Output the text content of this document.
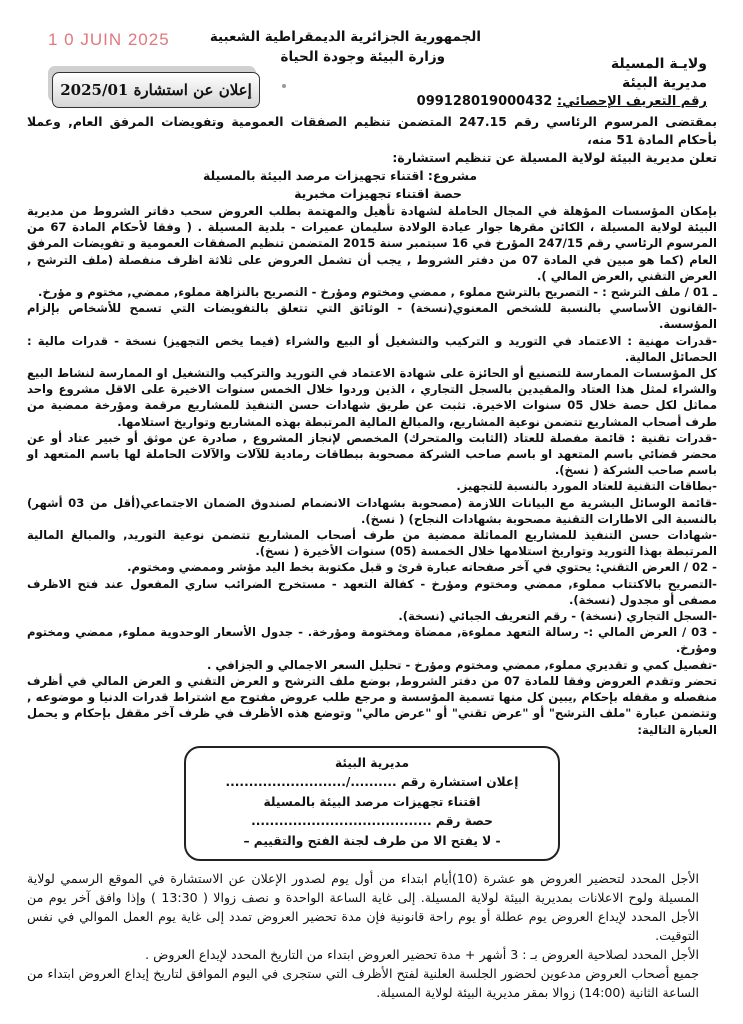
1 0 JUIN 2025	الجمهورية الجزائرية الديمقراطية الشعبية
وزارة البيئة وجودة الحياة	ولايـة المسيلة
مديرية البيئة
رقم التعريف الإحصائي: 099128019000432
إعلان عن استشارة 2025/01

بمقتضى المرسوم الرئاسي رقم 247.15 المتضمن تنظيم الصفقات العمومية وتفويضات المرفق العام, وعملا بأحكام المادة 51 منه،

تعلن مديرية البيئة لولاية المسيلة عن تنظيم استشارة:

مشروع: اقتناء تجهيزات مرصد البيئة بالمسيلة

حصة اقتناء تجهيزات مخبرية

بإمكان المؤسسات المؤهلة في المجال الحاملة لشهادة تأهيل والمهتمة بطلب العروض سحب دفاتر الشروط من مديرية البيئة لولاية المسيلة ، الكائن مقرها جوار عيادة الولادة سليمان عميرات - بلدية المسيلة . ( وفقا لأحكام المادة 67 من المرسوم الرئاسي رقم 247/15 المؤرخ في 16 سبتمبر سنة 2015 المتضمن تنظيم الصفقات العمومية و تفويضات المرفق العام (كما هو مبين في المادة 07 من دفتر الشروط , يجب أن تشمل العروض على ثلاثة اظرف منفصلة (ملف الترشح , العرض التقني ,العرض المالي ).

ـ 01 / ملف الترشح : - التصريح بالترشح مملوء , ممضي ومختوم ومؤرخ - التصريح بالنزاهة مملوء, ممضي, مختوم و مؤرخ.

-القانون الأساسي بالنسبة للشخص المعنوي(نسخة) - الوثائق التي تتعلق بالتفويضات التي تسمح للأشخاص بإلزام المؤسسة.

-قدرات مهنية : الاعتماد في التوريد و التركيب والتشغيل أو البيع والشراء (فيما يخص التجهيز) نسخة - قدرات مالية : الحصائل المالية.

كل المؤسسات الممارسة للتصنيع أو الحائزة على شهادة الاعتماد في التوريد والتركيب والتشغيل او الممارسة لنشاط البيع والشراء لمثل هذا العتاد والمقيدين بالسجل التجاري ، الذين وردوا خلال الخمس سنوات الاخيرة على الاقل مشروع واحد مماثل لكل حصة خلال 05 سنوات الاخيرة. تثبت عن طريق شهادات حسن التنفيذ للمشاريع مرقمة ومؤرخة ممضية من طرف أصحاب المشاريع تتضمن نوعية المشاريع، والمبالغ المالية المرتبطة بهذه المشاريع وتواريخ استلامها.

-قدرات تقنية : قائمة مفصلة للعتاد (الثابت والمتحرك) المخصص لإنجاز المشروع , صادرة عن موثق أو خبير عتاد أو عن محضر قضائي باسم المتعهد او باسم صاحب الشركة مصحوبة ببطاقات رمادية للآلات والآلات الحاملة لها باسم المتعهد او باسم صاحب الشركة ( نسخ).

-بطاقات التقنية للعتاد المورد بالنسبة للتجهيز.

-قائمة الوسائل البشرية مع البيانات اللازمة (مصحوبة بشهادات الانضمام لصندوق الضمان الاجتماعي(أقل من 03 أشهر) بالنسبة الى الاطارات التقنية مصحوبة بشهادات النجاح) ( نسخ).

-شهادات حسن التنفيذ للمشاريع المماثلة ممضية من طرف أصحاب المشاريع تتضمن نوعية التوريد, والمبالغ المالية المرتبطة بهذا التوريد وتواريخ استلامها خلال الخمسة (05) سنوات الأخيرة ( نسخ).

- 02 / العرض التقني: يحتوي في آخر صفحاته عبارة قرئ و قبل مكتوبة بخط اليد مؤشر وممضي ومختوم.

-التصريح بالاكتتاب مملوء, ممضي ومختوم ومؤرخ - كفالة التعهد - مستخرج الضرائب ساري المفعول عند فتح الاظرف مصفى أو مجدول (نسخة).

-السجل التجاري (نسخة) - رقم التعريف الجبائي (نسخة).

- 03 / العرض المالي :- رسالة التعهد مملوءة, ممضاة ومختومة ومؤرخة. - جدول الأسعار الوحدوية مملوء, ممضي ومختوم ومؤرخ.

-تفصيل كمي و تقديري مملوء, ممضي ومختوم ومؤرخ - تحليل السعر الاجمالي و الجزافي .

تحضر وتقدم العروض وفقا للمادة 07 من دفتر الشروط, بوضع ملف الترشح و العرض التقني و العرض المالي في أظرف منفصله و مقفله بإحكام ,يبين كل منها تسمية المؤسسة و مرجع طلب عروض مفتوح مع اشتراط قدرات الدنيا و موضوعه , وتتضمن عبارة "ملف الترشح" أو "عرض تقني" أو "عرض مالي" وتوضع هذه الأظرف في ظرف آخر مقفل بإحكام و يحمل العبارة التالية:

مديرية البيئة
إعلان استشارة رقم ........../..........................
اقتناء تجهيزات مرصد البيئة بالمسيلة
حصة رقم .......................................
- لا يفتح الا من طرف لجنة الفتح والتقييم –

الأجل المحدد لتحضير العروض هو عشرة (10)أيام ابتداء من أول يوم لصدور الإعلان عن الاستشارة في الموقع الرسمي لولاية المسيلة ولوح الاعلانات بمديرية البيئة لولاية المسيلة. إلى غاية الساعة الواحدة و نصف زوالا ( 13:30 ) وإذا وافق آخر يوم من الأجل المحدد لإيداع العروض يوم عطلة أو يوم راحة قانونية فإن مدة تحضير العروض تمدد إلى غاية يوم العمل الموالي في نفس التوقيت.

الأجل المحدد لصلاحية العروض بـ : 3 أشهر + مدة تحضير العروض ابتداء من التاريخ المحدد لإيداع العروض .

جميع أصحاب العروض مدعوين لحضور الجلسة العلنية لفتح الأظرف التي ستجرى في اليوم الموافق لتاريخ إيداع العروض ابتداء من الساعة الثانية (14:00) زوالا بمقر مديرية البيئة لولاية المسيلة.
